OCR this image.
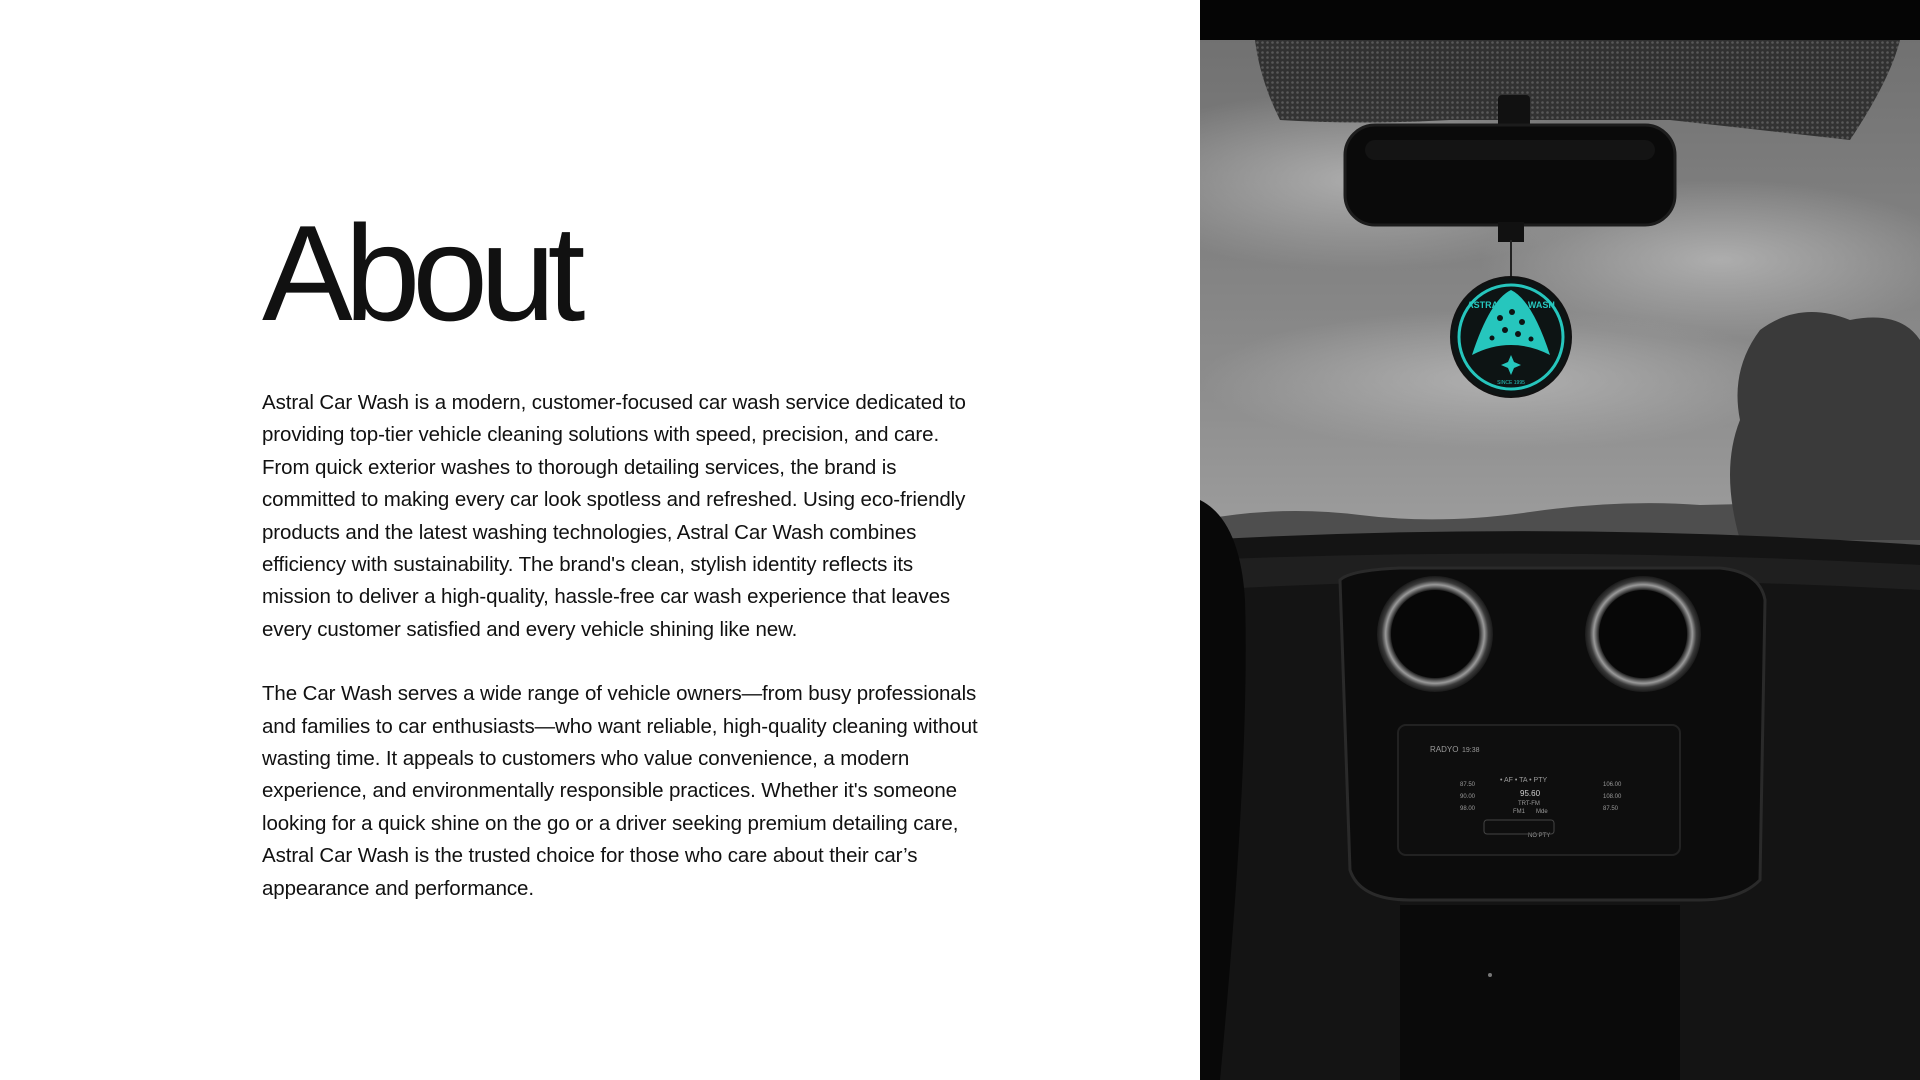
About

Astral Car Wash is a modern, customer-focused car wash service dedicated to
providing top-tier vehicle cleaning solutions with speed, precision, and care.
From quick exterior washes to thorough detailing services, the brand is
committed to making every car look spotless and refreshed. Using eco-friendly
products and the latest washing technologies, Astral Car Wash combines
efficiency with sustainability. The brand's clean, stylish identity reflects its
mission to deliver a high-quality, hassle-free car wash experience that leaves
every customer satisfied and every vehicle shining like new.

The Car Wash serves a wide range of vehicle owners—from busy professionals
and families to car enthusiasts—who want reliable, high-quality cleaning without
wasting time. It appeals to customers who value convenience, a modern
experience, and environmentally responsible practices. Whether it's someone
looking for a quick shine on the go or a driver seeking premium detailing care,
Astral Car Wash is the trusted choice for those who care about their car’s
appearance and performance.

ASTRAL CAR WASH
SINCE 1995
RADYO 19:38
• AF • TA • PTY
95.60
TRT-FM
FM1 Mde
NO PTY
87.50
90.00
98.00
106.00
108.00
87.50
